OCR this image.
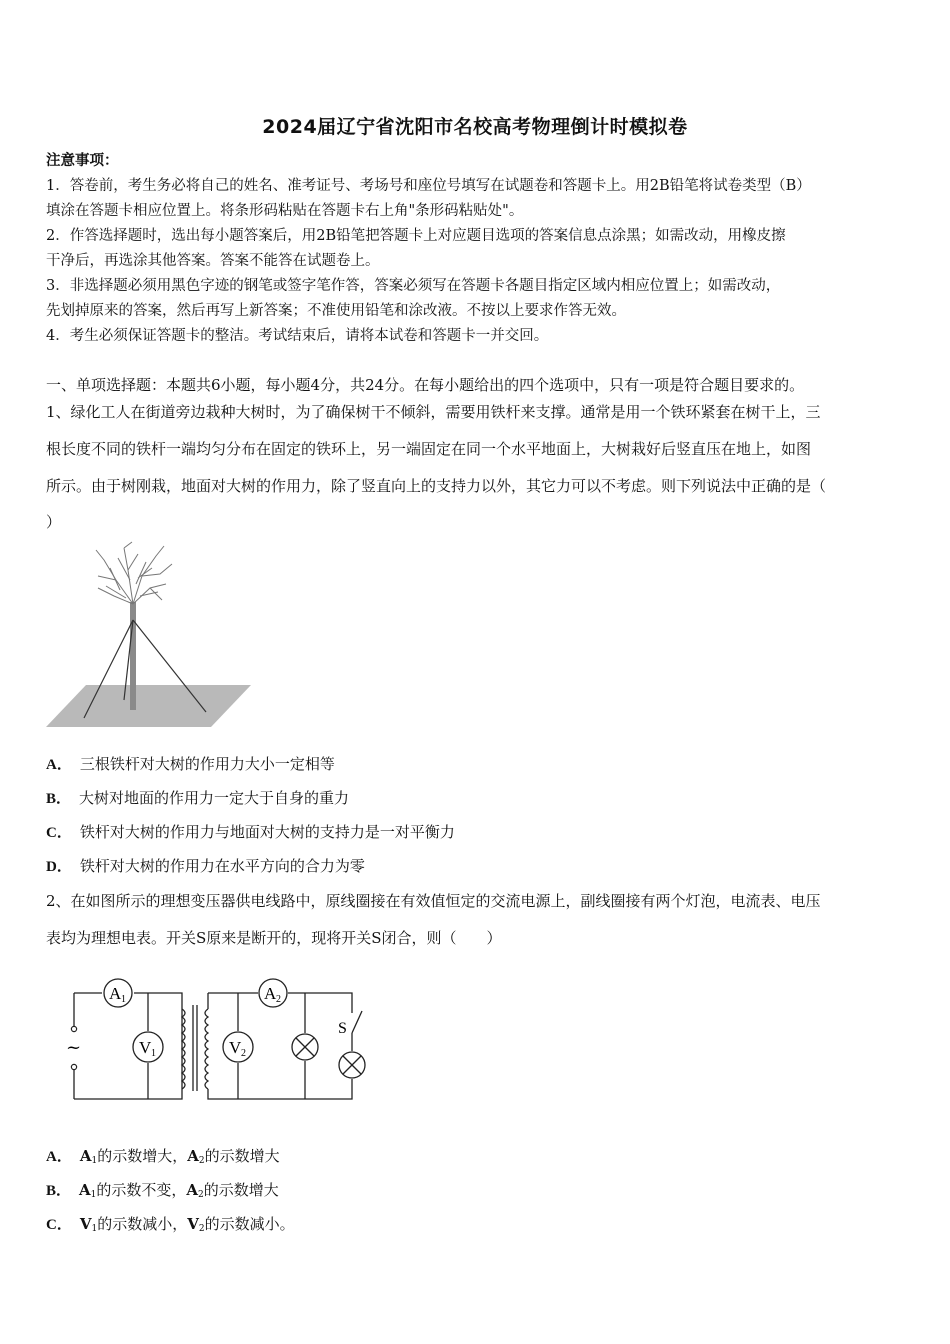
2024届辽宁省沈阳市名校高考物理倒计时模拟卷
注意事项：
1．答卷前，考生务必将自己的姓名、准考证号、考场号和座位号填写在试题卷和答题卡上。用2B铅笔将试卷类型（B）
填涂在答题卡相应位置上。将条形码粘贴在答题卡右上角"条形码粘贴处"。
2．作答选择题时，选出每小题答案后，用2B铅笔把答题卡上对应题目选项的答案信息点涂黑；如需改动，用橡皮擦
干净后，再选涂其他答案。答案不能答在试题卷上。
3．非选择题必须用黑色字迹的钢笔或签字笔作答，答案必须写在答题卡各题目指定区域内相应位置上；如需改动，
先划掉原来的答案，然后再写上新答案；不准使用铅笔和涂改液。不按以上要求作答无效。
4．考生必须保证答题卡的整洁。考试结束后，请将本试卷和答题卡一并交回。
一、单项选择题：本题共6小题，每小题4分，共24分。在每小题给出的四个选项中，只有一项是符合题目要求的。
1、绿化工人在街道旁边栽种大树时，为了确保树干不倾斜，需要用铁杆来支撑。通常是用一个铁环紧套在树干上，三
根长度不同的铁杆一端均匀分布在固定的铁环上，另一端固定在同一个水平地面上，大树栽好后竖直压在地上，如图
所示。由于树刚栽，地面对大树的作用力，除了竖直向上的支持力以外，其它力可以不考虑。则下列说法中正确的是（
）
A． 三根铁杆对大树的作用力大小一定相等
B． 大树对地面的作用力一定大于自身的重力
C． 铁杆对大树的作用力与地面对大树的支持力是一对平衡力
D． 铁杆对大树的作用力在水平方向的合力为零
2、在如图所示的理想变压器供电线路中，原线圈接在有效值恒定的交流电源上，副线圈接有两个灯泡，电流表、电压
表均为理想电表。开关S原来是断开的，现将开关S闭合，则（　　）
~
A 1
V 1
A 2
V 2
S
A． $A_1$的示数增大，$A_2$的示数增大
B． $A_1$的示数不变，$A_2$的示数增大
C． $V_1$的示数减小，$V_2$的示数减小。
